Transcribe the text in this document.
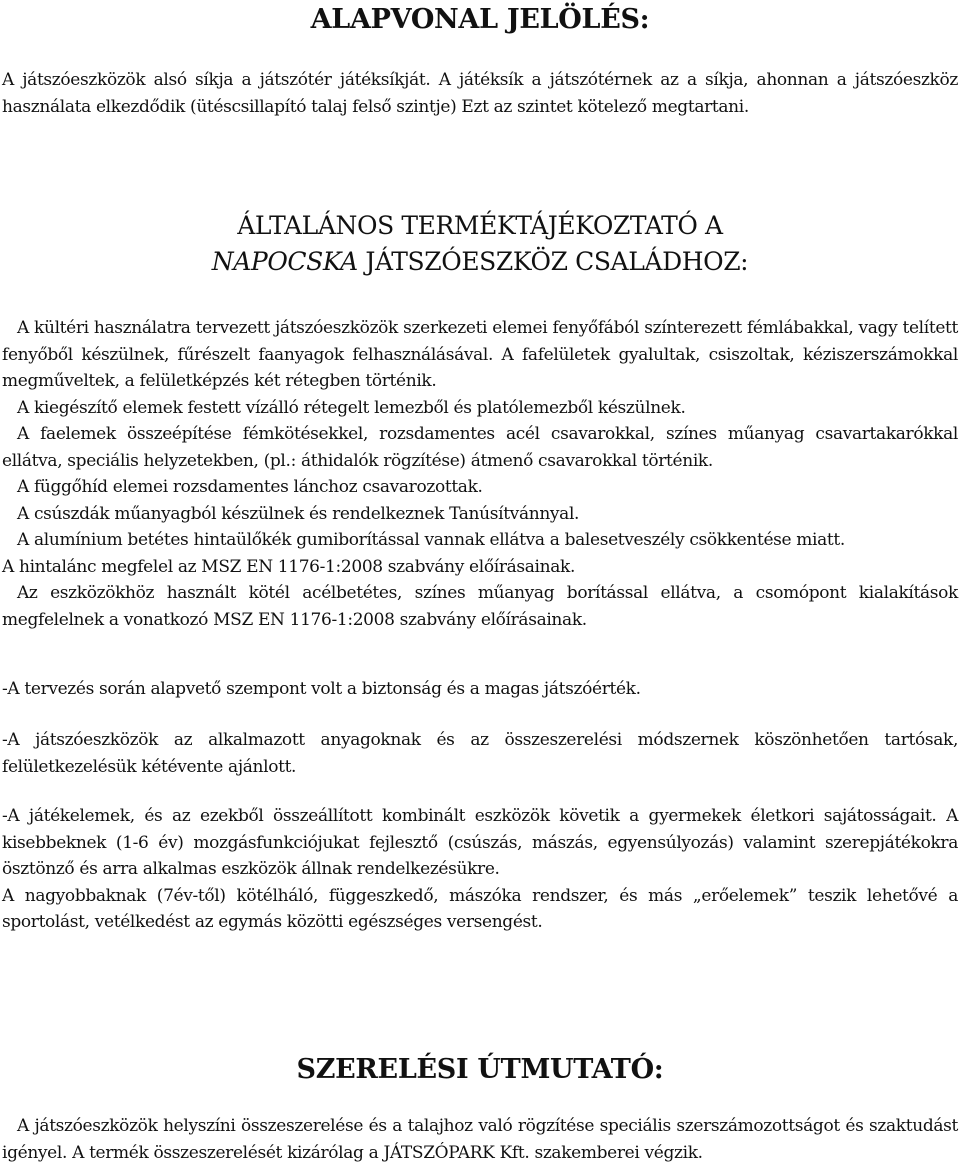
ALAPVONAL JELÖLÉS:

A játszóeszközök alsó síkja a játszótér játéksíkját. A játéksík a játszótérnek az a síkja, ahonnan a játszóeszköz használata elkezdődik (ütéscsillapító talaj felső szintje) Ezt az szintet kötelező megtartani.

ÁLTALÁNOS TERMÉKTÁJÉKOZTATÓ A
NAPOCSKA JÁTSZÓESZKÖZ CSALÁDHOZ:

A kültéri használatra tervezett játszóeszközök szerkezeti elemei fenyőfából színterezett fémlábakkal, vagy telített fenyőből készülnek, fűrészelt faanyagok felhasználásával. A fafelületek gyalultak, csiszoltak, kéziszerszámokkal megműveltek, a felületképzés két rétegben történik.

A kiegészítő elemek festett vízálló rétegelt lemezből és platólemezből készülnek.

A faelemek összeépítése fémkötésekkel, rozsdamentes acél csavarokkal, színes műanyag csavartakarókkal ellátva, speciális helyzetekben, (pl.: áthidalók rögzítése) átmenő csavarokkal történik.

A függőhíd elemei rozsdamentes lánchoz csavarozottak.

A csúszdák műanyagból készülnek és rendelkeznek Tanúsítvánnyal.

A alumínium betétes hintaülőkék gumiborítással vannak ellátva a balesetveszély csökkentése miatt.

A hintalánc megfelel az MSZ EN 1176-1:2008 szabvány előírásainak.

Az eszközökhöz használt kötél acélbetétes, színes műanyag borítással ellátva, a csomópont kialakítások megfelelnek a vonatkozó MSZ EN 1176-1:2008 szabvány előírásainak.

-A tervezés során alapvető szempont volt a biztonság és a magas játszóérték.

-A játszóeszközök az alkalmazott anyagoknak és az összeszerelési módszernek köszönhetően tartósak, felületkezelésük kétévente ajánlott.

-A játékelemek, és az ezekből összeállított kombinált eszközök követik a gyermekek életkori sajátosságait. A kisebbeknek (1-6 év) mozgásfunkciójukat fejlesztő (csúszás, mászás, egyensúlyozás) valamint szerepjátékokra ösztönző és arra alkalmas eszközök állnak rendelkezésükre.

A nagyobbaknak (7év-től) kötélháló, függeszkedő, mászóka rendszer, és más „erőelemek” teszik lehetővé a sportolást, vetélkedést az egymás közötti egészséges versengést.

SZERELÉSI ÚTMUTATÓ:

A játszóeszközök helyszíni összeszerelése és a talajhoz való rögzítése speciális szerszámozottságot és szaktudást igényel. A termék összeszerelését kizárólag a JÁTSZÓPARK Kft. szakemberei végzik.
